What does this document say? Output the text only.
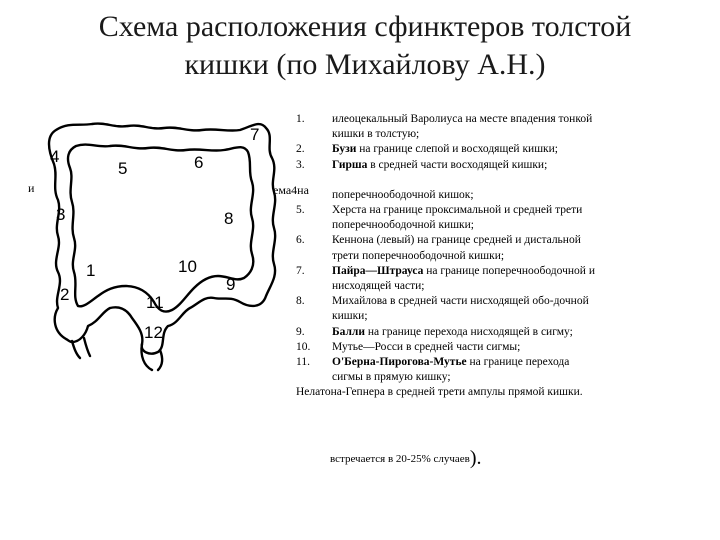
Схема расположения сфинктеров толстой
кишки (по Михайлову А.Н.)
1
2
3
4
5	6
7
8
9
10
11
12
и	ема4на
1.	илеоцекальный Варолиуса на месте впадения тонкой
кишки в толстую;
2.	Бузи на границе слепой и восходящей кишки;
3.	Гирша в средней части восходящей кишки;
поперечноободочной кишок;
5.	Херста на границе проксимальной и средней трети
поперечноободочной кишки;
6.	Кеннона (левый) на границе средней и дистальной
трети поперечноободочной кишки;
7.	Пайра—Штрауса на границе поперечноободочной и
нисходящей части;
8.	Михайлова в средней части нисходящей обо-дочной
кишки;
9.	Балли на границе перехода нисходящей в сигму;
10.	Мутье—Росси в средней части сигмы;
11.	О'Берна-Пирогова-Мутье на границе перехода
сигмы в прямую кишку;
Нелатона-Гепнера в средней трети ампулы прямой кишки.
встречается в 20-25% случаев).
